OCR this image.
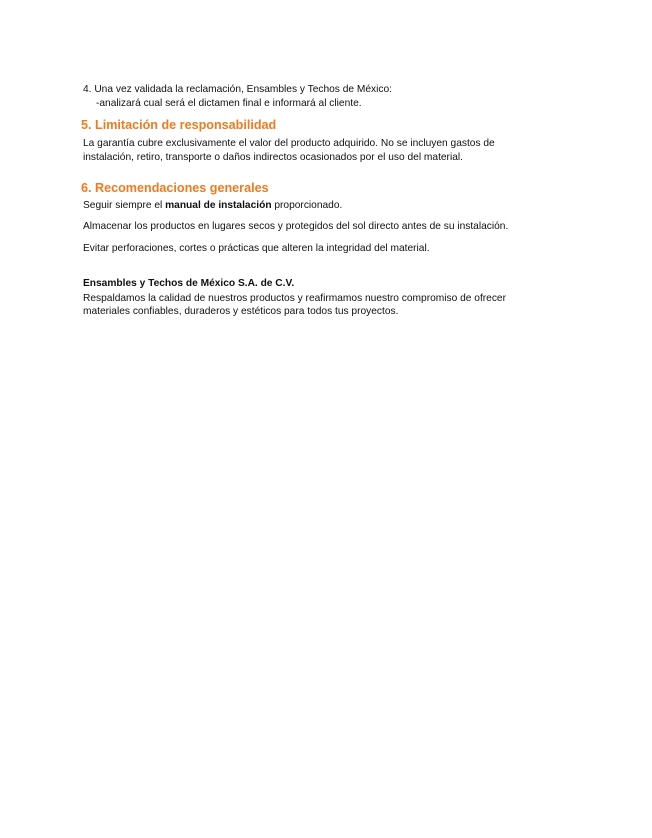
4. Una vez validada la reclamación, Ensambles y Techos de México:

-analizará cual será el dictamen final e informará al cliente.

5. Limitación de responsabilidad

La garantía cubre exclusivamente el valor del producto adquirido. No se incluyen gastos de

instalación, retiro, transporte o daños indirectos ocasionados por el uso del material.

6. Recomendaciones generales

Seguir siempre el manual de instalación proporcionado.

Almacenar los productos en lugares secos y protegidos del sol directo antes de su instalación.

Evitar perforaciones, cortes o prácticas que alteren la integridad del material.

Ensambles y Techos de México S.A. de C.V.

Respaldamos la calidad de nuestros productos y reafirmamos nuestro compromiso de ofrecer

materiales confiables, duraderos y estéticos para todos tus proyectos.
